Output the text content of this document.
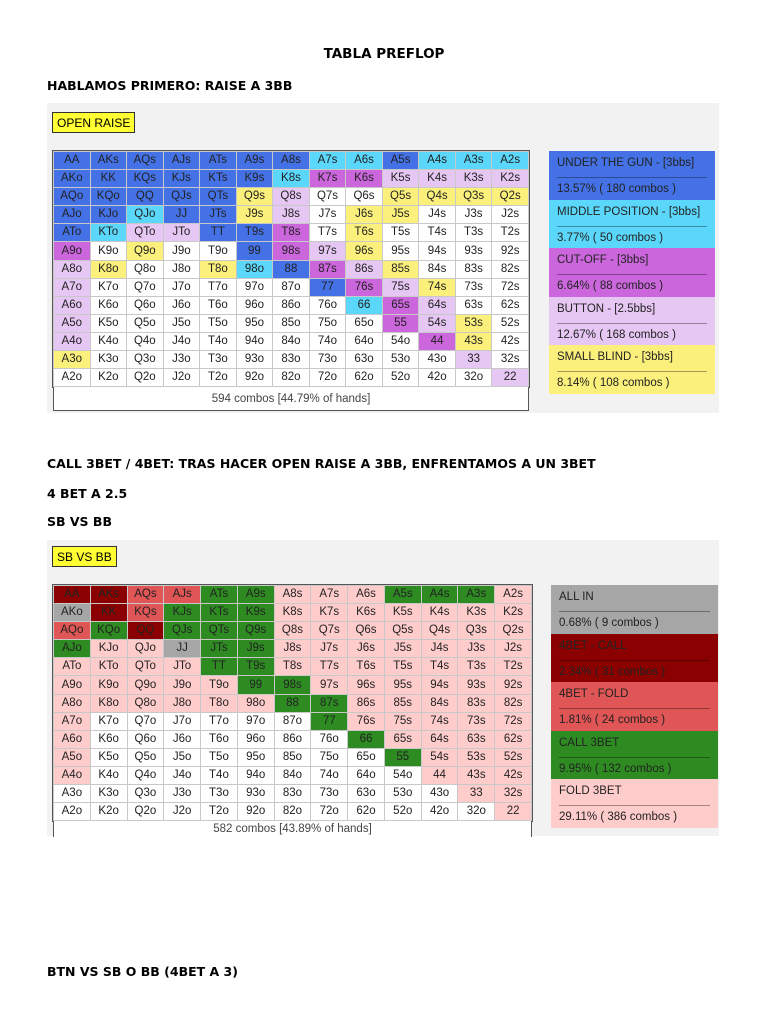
TABLA PREFLOP
HABLAMOS PRIMERO: RAISE A 3BB
OPEN RAISE
AA	AKs	AQs	AJs	ATs	A9s	A8s	A7s	A6s	A5s	A4s	A3s	A2s
AKo	KK	KQs	KJs	KTs	K9s	K8s	K7s	K6s	K5s	K4s	K3s	K2s
AQo	KQo	QQ	QJs	QTs	Q9s	Q8s	Q7s	Q6s	Q5s	Q4s	Q3s	Q2s
AJo	KJo	QJo	JJ	JTs	J9s	J8s	J7s	J6s	J5s	J4s	J3s	J2s
ATo	KTo	QTo	JTo	TT	T9s	T8s	T7s	T6s	T5s	T4s	T3s	T2s
A9o	K9o	Q9o	J9o	T9o	99	98s	97s	96s	95s	94s	93s	92s
A8o	K8o	Q8o	J8o	T8o	98o	88	87s	86s	85s	84s	83s	82s
A7o	K7o	Q7o	J7o	T7o	97o	87o	77	76s	75s	74s	73s	72s
A6o	K6o	Q6o	J6o	T6o	96o	86o	76o	66	65s	64s	63s	62s
A5o	K5o	Q5o	J5o	T5o	95o	85o	75o	65o	55	54s	53s	52s
A4o	K4o	Q4o	J4o	T4o	94o	84o	74o	64o	54o	44	43s	42s
A3o	K3o	Q3o	J3o	T3o	93o	83o	73o	63o	53o	43o	33	32s
A2o	K2o	Q2o	J2o	T2o	92o	82o	72o	62o	52o	42o	32o	22
594 combos [44.79% of hands]
UNDER THE GUN - [3bbs]
13.57% ( 180 combos )
MIDDLE POSITION - [3bbs]
3.77% ( 50 combos )
CUT-OFF - [3bbs]
6.64% ( 88 combos )
BUTTON - [2.5bbs]
12.67% ( 168 combos )
SMALL BLIND - [3bbs]
8.14% ( 108 combos )
CALL 3BET / 4BET: TRAS HACER OPEN RAISE A 3BB, ENFRENTAMOS A UN 3BET
4 BET A 2.5
SB VS BB
SB VS BB
AA	AKs	AQs	AJs	ATs	A9s	A8s	A7s	A6s	A5s	A4s	A3s	A2s
AKo	KK	KQs	KJs	KTs	K9s	K8s	K7s	K6s	K5s	K4s	K3s	K2s
AQo	KQo	QQ	QJs	QTs	Q9s	Q8s	Q7s	Q6s	Q5s	Q4s	Q3s	Q2s
AJo	KJo	QJo	JJ	JTs	J9s	J8s	J7s	J6s	J5s	J4s	J3s	J2s
ATo	KTo	QTo	JTo	TT	T9s	T8s	T7s	T6s	T5s	T4s	T3s	T2s
A9o	K9o	Q9o	J9o	T9o	99	98s	97s	96s	95s	94s	93s	92s
A8o	K8o	Q8o	J8o	T8o	98o	88	87s	86s	85s	84s	83s	82s
A7o	K7o	Q7o	J7o	T7o	97o	87o	77	76s	75s	74s	73s	72s
A6o	K6o	Q6o	J6o	T6o	96o	86o	76o	66	65s	64s	63s	62s
A5o	K5o	Q5o	J5o	T5o	95o	85o	75o	65o	55	54s	53s	52s
A4o	K4o	Q4o	J4o	T4o	94o	84o	74o	64o	54o	44	43s	42s
A3o	K3o	Q3o	J3o	T3o	93o	83o	73o	63o	53o	43o	33	32s
A2o	K2o	Q2o	J2o	T2o	92o	82o	72o	62o	52o	42o	32o	22
582 combos [43.89% of hands]
ALL IN
0.68% ( 9 combos )
4BET - CALL
2.34% ( 31 combos )
4BET - FOLD
1.81% ( 24 combos )
CALL 3BET
9.95% ( 132 combos )
FOLD 3BET
29.11% ( 386 combos )
BTN VS SB O BB (4BET A 3)
